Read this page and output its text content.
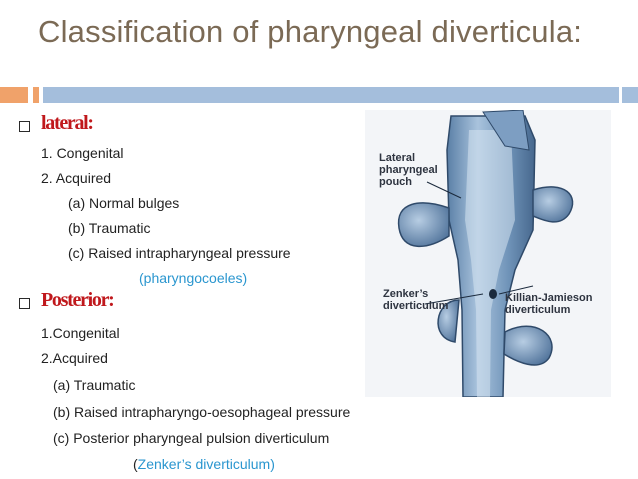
Classification of pharyngeal diverticula:
lateral:
1. Congenital
2. Acquired
(a) Normal bulges
(b) Traumatic
(c) Raised intrapharyngeal pressure
(pharyngocoeles)
Posterior:
1.Congenital
2.Acquired
(a) Traumatic
(b) Raised intrapharyngo-oesophageal pressure
(c) Posterior pharyngeal pulsion diverticulum
(Zenker’s diverticulum)
Lateral
pharyngeal
pouch
Zenker’s
diverticulum
Killian-Jamieson
diverticulum
